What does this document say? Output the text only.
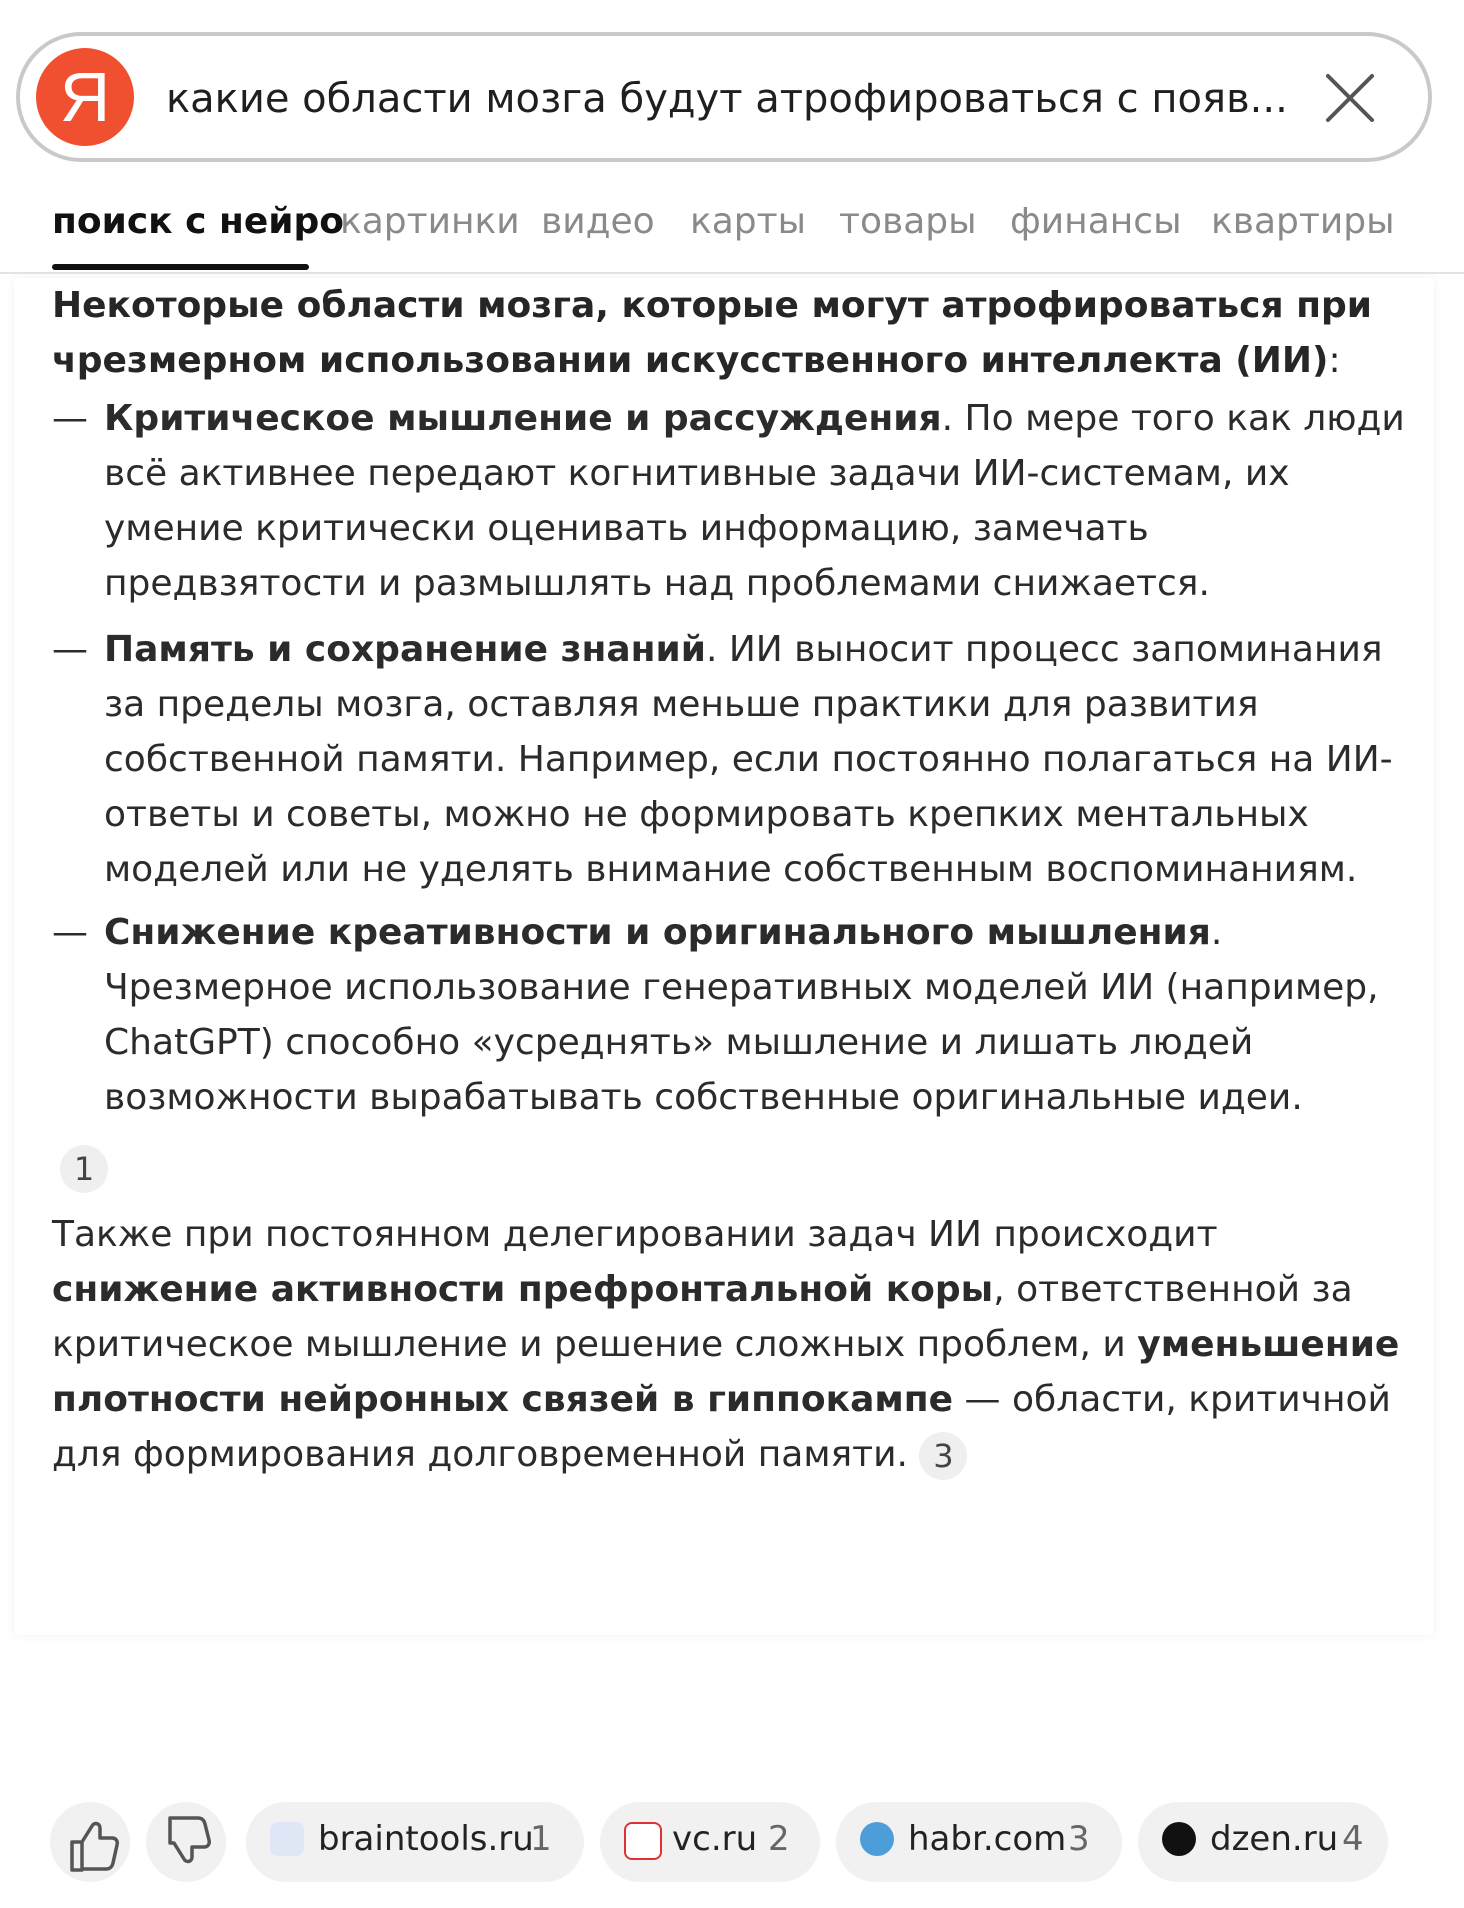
Я	какие области мозга будут атрофироваться с появ...
поиск с нейро
картинки видео карты товары финансы квартиры
Некоторые области мозга, которые могут атрофироваться при чрезмерном использовании искусственного интеллекта (ИИ):
— Критическое мышление и рассуждения. По мере того как люди всё активнее передают когнитивные задачи ИИ-системам, их умение критически оценивать информацию, замечать предвзятости и размышлять над проблемами снижается.
— Память и сохранение знаний. ИИ выносит процесс запоминания за пределы мозга, оставляя меньше практики для развития собственной памяти. Например, если постоянно полагаться на ИИ-ответы и советы, можно не формировать крепких ментальных моделей или не уделять внимание собственным воспоминаниям.
— Снижение креативности и оригинального мышления. Чрезмерное использование генеративных моделей ИИ (например, ChatGPT) способно «усреднять» мышление и лишать людей возможности вырабатывать собственные оригинальные идеи.
1
Также при постоянном делегировании задач ИИ происходит снижение активности префронтальной коры, ответственной за критическое мышление и решение сложных проблем, и уменьшение плотности нейронных связей в гиппокампе — области, критичной для формирования долговременной памяти. 3
braintools.ru
1	vc.ru 2	habr.com 3	dzen.ru 4
